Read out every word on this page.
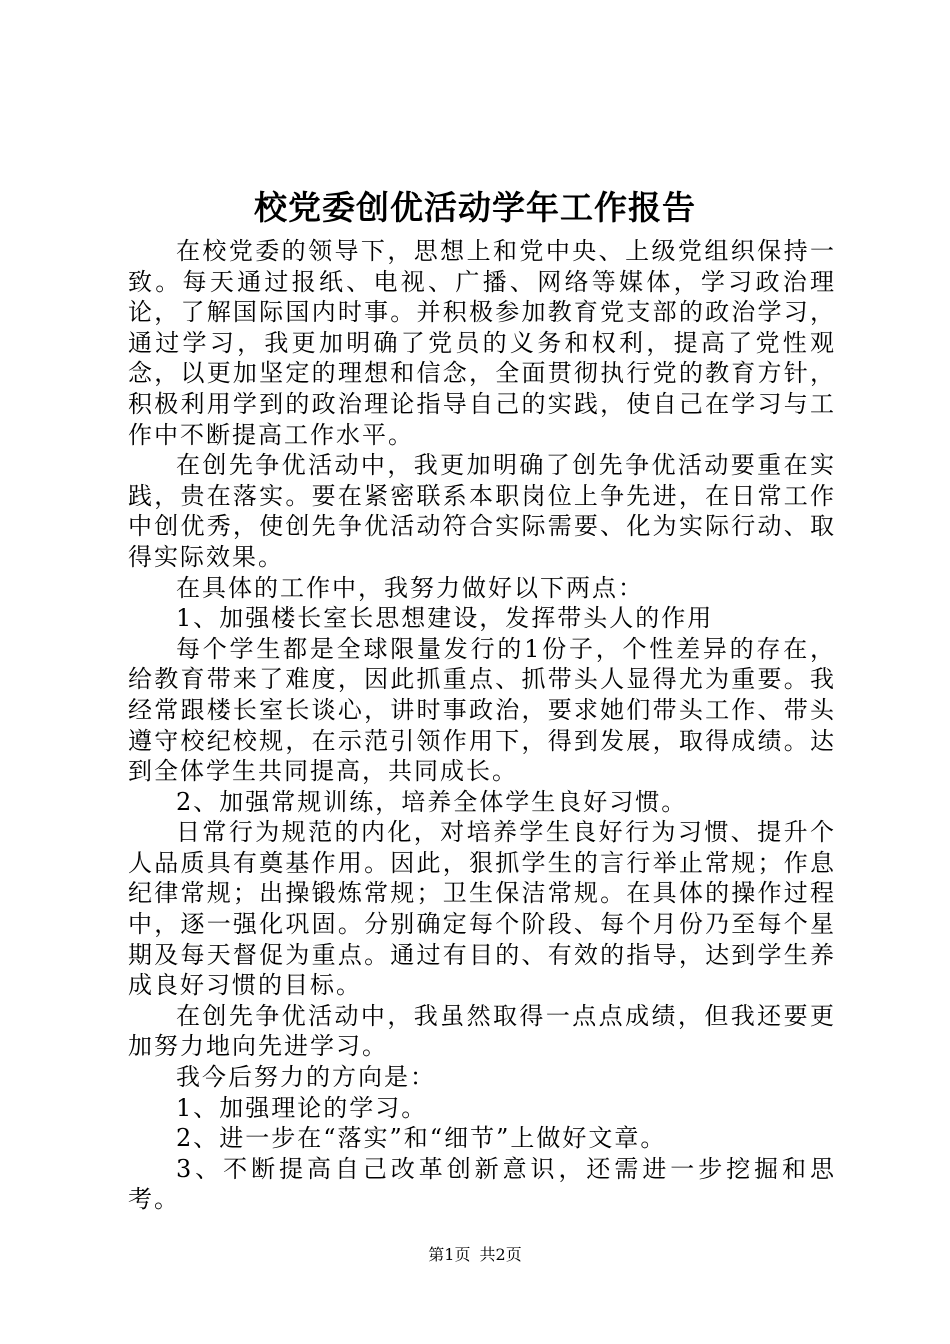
校党委创优活动学年工作报告

在校党委的领导下，思想上和党中央、上级党组织保持一致。每天通过报纸、电视、广播、网络等媒体，学习政治理论，了解国际国内时事。并积极参加教育党支部的政治学习，通过学习，我更加明确了党员的义务和权利，提高了党性观念，以更加坚定的理想和信念，全面贯彻执行党的教育方针，积极利用学到的政治理论指导自己的实践，使自己在学习与工作中不断提高工作水平。

在创先争优活动中，我更加明确了创先争优活动要重在实践，贵在落实。要在紧密联系本职岗位上争先进，在日常工作中创优秀，使创先争优活动符合实际需要、化为实际行动、取得实际效果。

在具体的工作中，我努力做好以下两点：

1、加强楼长室长思想建设，发挥带头人的作用

每个学生都是全球限量发行的1份子，个性差异的存在，给教育带来了难度，因此抓重点、抓带头人显得尤为重要。我经常跟楼长室长谈心，讲时事政治，要求她们带头工作、带头遵守校纪校规，在示范引领作用下，得到发展，取得成绩。达到全体学生共同提高，共同成长。

2、加强常规训练，培养全体学生良好习惯。

日常行为规范的内化，对培养学生良好行为习惯、提升个人品质具有奠基作用。因此，狠抓学生的言行举止常规；作息纪律常规；出操锻炼常规；卫生保洁常规。在具体的操作过程中，逐一强化巩固。分别确定每个阶段、每个月份乃至每个星期及每天督促为重点。通过有目的、有效的指导，达到学生养成良好习惯的目标。

在创先争优活动中，我虽然取得一点点成绩，但我还要更加努力地向先进学习。

我今后努力的方向是：

1、加强理论的学习。

2、进一步在“落实”和“细节”上做好文章。

3、不断提高自己改革创新意识，还需进一步挖掘和思考。

第1页 共2页
